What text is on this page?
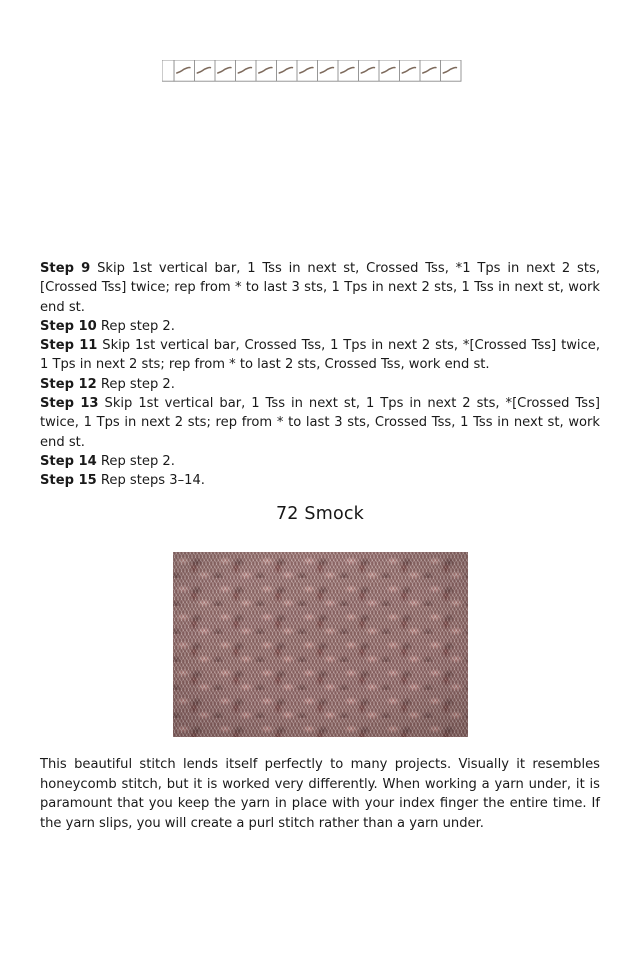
Step 9 Skip 1st vertical bar, 1 Tss in next st, Crossed Tss, *1 Tps in next 2 sts, [Crossed Tss] twice; rep from * to last 3 sts, 1 Tps in next 2 sts, 1 Tss in next st, work end st.

Step 10 Rep step 2.

Step 11 Skip 1st vertical bar, Crossed Tss, 1 Tps in next 2 sts, *[Crossed Tss] twice, 1 Tps in next 2 sts; rep from * to last 2 sts, Crossed Tss, work end st.

Step 12 Rep step 2.

Step 13 Skip 1st vertical bar, 1 Tss in next st, 1 Tps in next 2 sts, *[Crossed Tss] twice, 1 Tps in next 2 sts; rep from * to last 3 sts, Crossed Tss, 1 Tss in next st, work end st.

Step 14 Rep step 2.

Step 15 Rep steps 3–14.

72 Smock

This beautiful stitch lends itself perfectly to many projects. Visually it resembles honeycomb stitch, but it is worked very differently. When working a yarn under, it is paramount that you keep the yarn in place with your index finger the entire time. If the yarn slips, you will create a purl stitch rather than a yarn under.
